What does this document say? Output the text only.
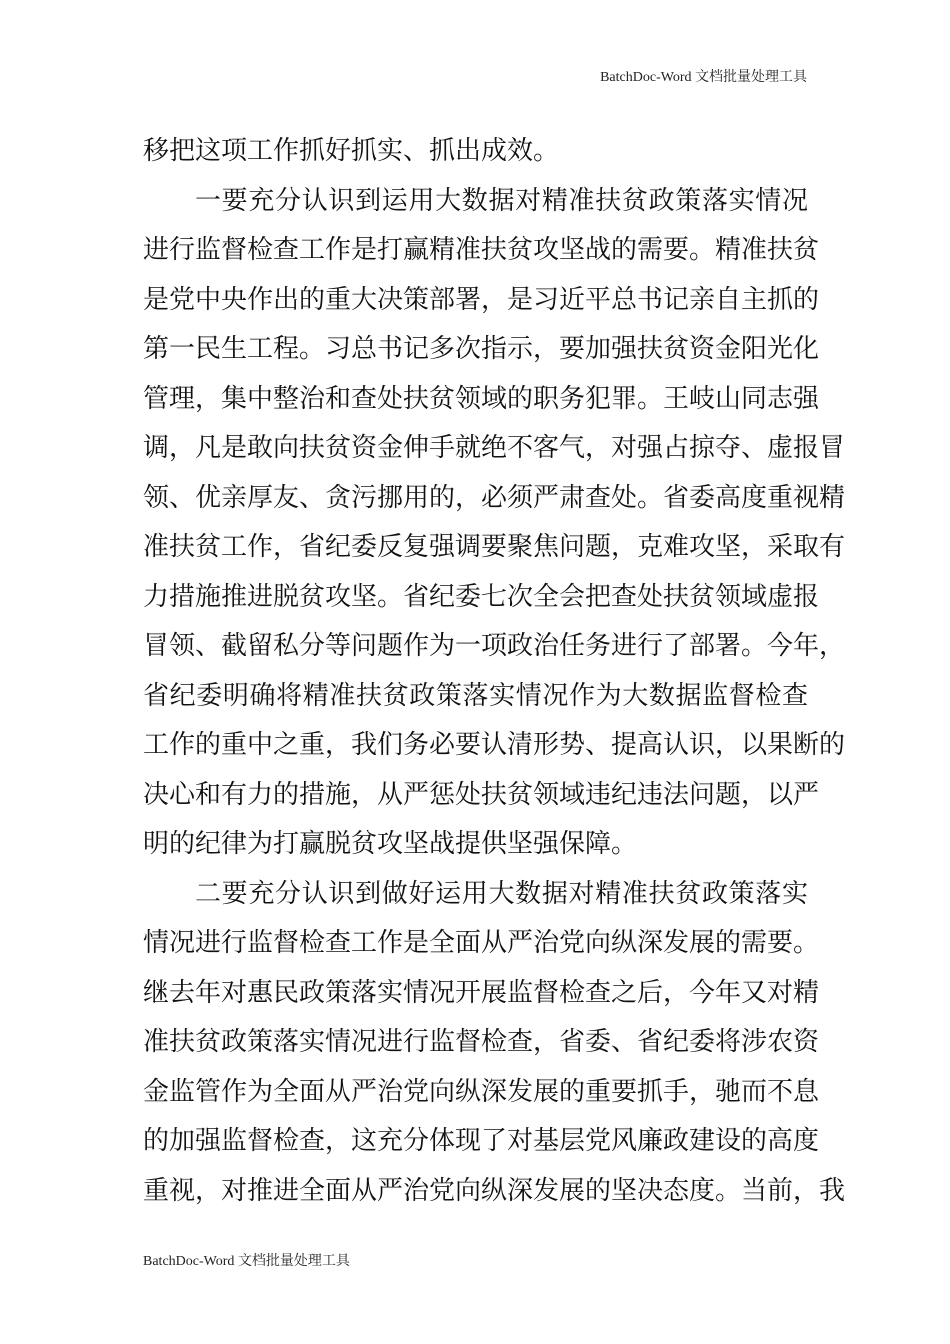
BatchDoc-Word 文档批量处理工具
移把这项工作抓好抓实、抓出成效。
一要充分认识到运用大数据对精准扶贫政策落实情况
进行监督检查工作是打赢精准扶贫攻坚战的需要。精准扶贫
是党中央作出的重大决策部署，是习近平总书记亲自主抓的
第一民生工程。习总书记多次指示，要加强扶贫资金阳光化
管理，集中整治和查处扶贫领域的职务犯罪。王岐山同志强
调，凡是敢向扶贫资金伸手就绝不客气，对强占掠夺、虚报冒
领、优亲厚友、贪污挪用的，必须严肃查处。省委高度重视精
准扶贫工作，省纪委反复强调要聚焦问题，克难攻坚，采取有
力措施推进脱贫攻坚。省纪委七次全会把查处扶贫领域虚报
冒领、截留私分等问题作为一项政治任务进行了部署。今年，
省纪委明确将精准扶贫政策落实情况作为大数据监督检查
工作的重中之重，我们务必要认清形势、提高认识，以果断的
决心和有力的措施，从严惩处扶贫领域违纪违法问题，以严
明的纪律为打赢脱贫攻坚战提供坚强保障。
二要充分认识到做好运用大数据对精准扶贫政策落实
情况进行监督检查工作是全面从严治党向纵深发展的需要。
继去年对惠民政策落实情况开展监督检查之后，今年又对精
准扶贫政策落实情况进行监督检查，省委、省纪委将涉农资
金监管作为全面从严治党向纵深发展的重要抓手，驰而不息
的加强监督检查，这充分体现了对基层党风廉政建设的高度
重视，对推进全面从严治党向纵深发展的坚决态度。当前，我
BatchDoc-Word 文档批量处理工具
